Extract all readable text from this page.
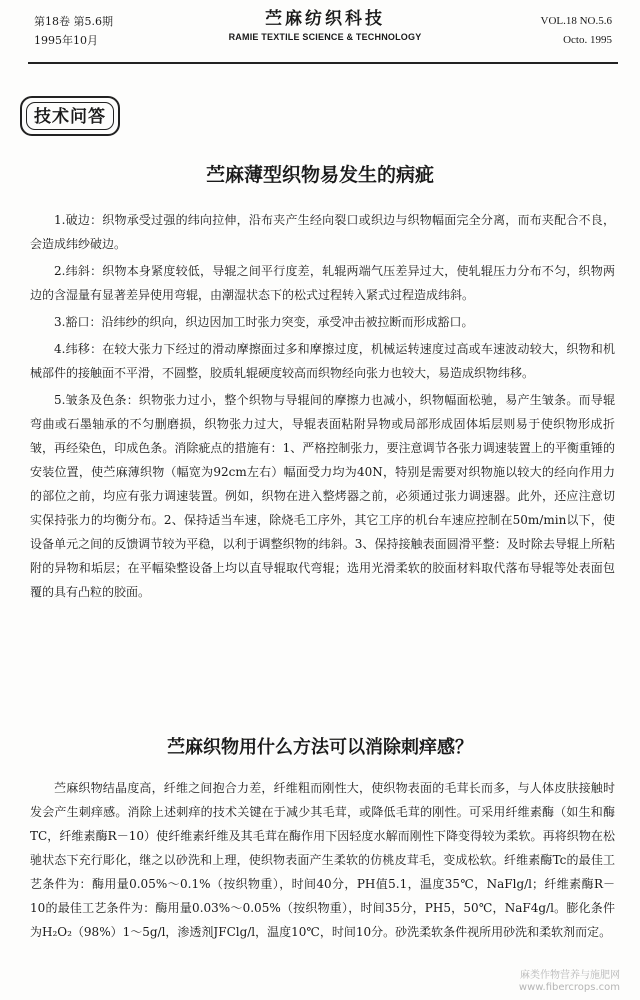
第18卷 第5.6期
1995年10月
苎麻纺织科技
RAMIE TEXTILE SCIENCE & TECHNOLOGY
VOL.18 NO.5.6
Octo. 1995
技术问答
苎麻薄型织物易发生的病疵

1.破边：织物承受过强的纬向拉伸，沿布夹产生经向裂口或织边与织物幅面完全分离，而布夹配合不良，会造成纬纱破边。

2.纬斜：织物本身紧度较低，导辊之间平行度差，轧辊两端气压差异过大，使轧辊压力分布不匀，织物两边的含湿量有显著差异使用弯辊，由潮湿状态下的松式过程转入紧式过程造成纬斜。

3.豁口：沿纬纱的织向，织边因加工时张力突变，承受冲击被拉断而形成豁口。

4.纬移：在较大张力下经过的滑动摩擦面过多和摩擦过度，机械运转速度过高或车速波动较大，织物和机械部件的接触面不平滑，不圆整，胶质轧辊硬度较高而织物经向张力也较大，易造成织物纬移。

5.皱条及色条：织物张力过小，整个织物与导辊间的摩擦力也减小，织物幅面松驰，易产生皱条。而导辊弯曲或石墨轴承的不匀删磨损，织物张力过大，导辊表面粘附异物或局部形成固体垢层则易于使织物形成折皱，再经染色，印成色条。消除疵点的措施有：1、严格控制张力，要注意调节各张力调速装置上的平衡重锤的安装位置，使苎麻薄织物（幅宽为92cm左右）幅面受力均为40N，特别是需要对织物施以较大的经向作用力的部位之前，均应有张力调速装置。例如，织物在进入整烤器之前，必须通过张力调速器。此外，还应注意切实保持张力的均衡分布。2、保持适当车速，除烧毛工序外，其它工序的机台车速应控制在50m/min以下，使设备单元之间的反馈调节较为平稳，以利于调整织物的纬斜。3、保持接触表面圆滑平整：及时除去导辊上所粘附的异物和垢层；在平幅染整设备上均以直导辊取代弯辊；选用光滑柔软的胶面材料取代落布导辊等处表面包覆的具有凸粒的胶面。

苎麻织物用什么方法可以消除刺痒感？

苎麻织物结晶度高，纤维之间抱合力差，纤维粗而刚性大，使织物表面的毛茸长而多，与人体皮肤接触时发会产生刺痒感。消除上述刺痒的技术关键在于减少其毛茸，或降低毛茸的刚性。可采用纤维素酶（如生和酶TC，纤维素酶R－10）使纤维素纤维及其毛茸在酶作用下因轻度水解而刚性下降变得较为柔软。再将织物在松驰状态下充行彫化，继之以砂洗和上理，使织物表面产生柔软的仿桃皮茸毛，变成松软。纤维素酶Tc的最佳工艺条件为：酶用量0.05%～0.1%（按织物重），时间40分，PH值5.1，温度35℃，NaFlg/l；纤维素酶R－10的最佳工艺条件为：酶用量0.03%～0.05%（按织物重），时间35分，PH5，50℃，NaF4g/l。膨化条件为H₂O₂（98%）1～5g/l，渗透剂JFClg/l，温度10℃，时间10分。砂洗柔软条件视所用砂洗和柔软剂而定。

麻类作物营养与施肥网
www.fibercrops.com
